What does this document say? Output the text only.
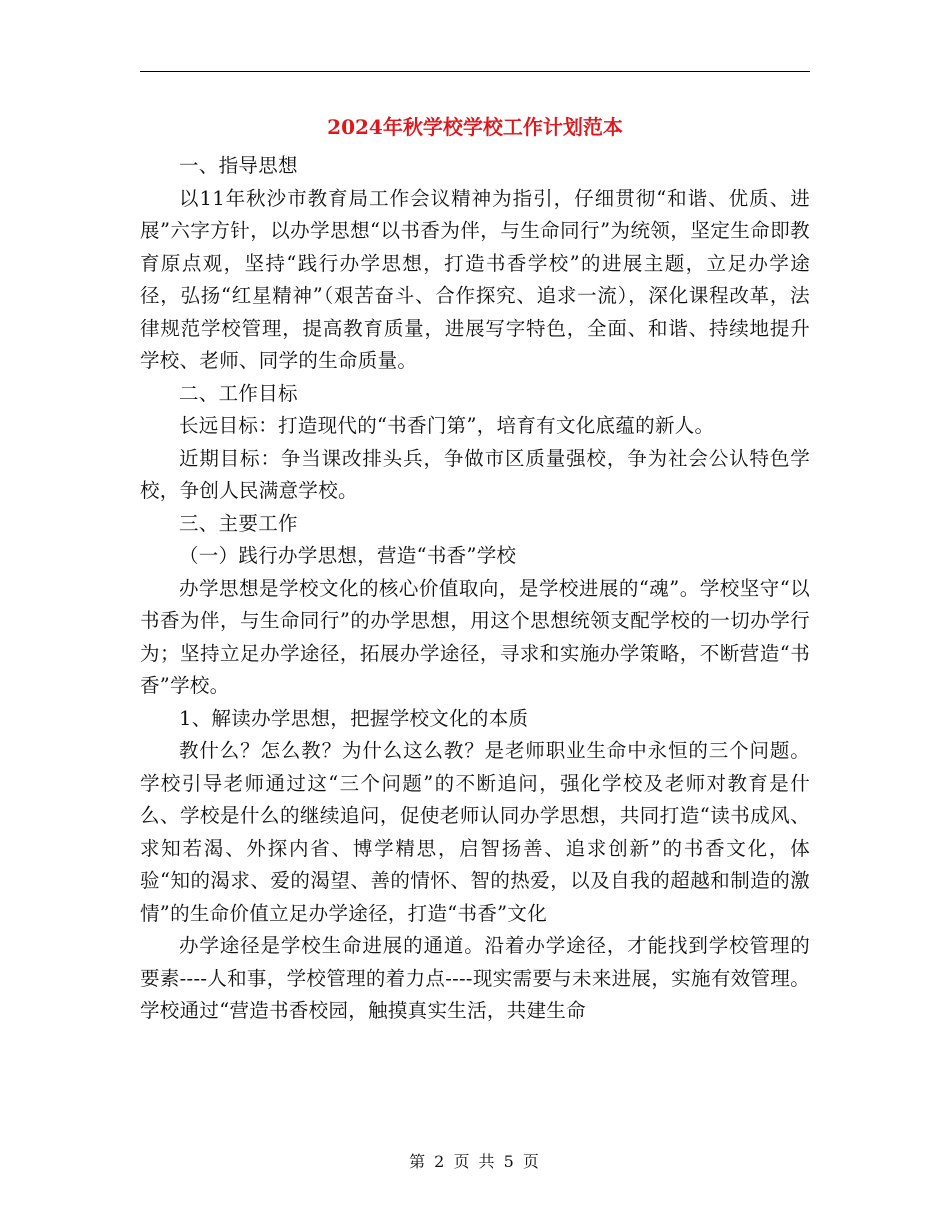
2024年秋学校学校工作计划范本

一、指导思想

以11年秋沙市教育局工作会议精神为指引，仔细贯彻“和谐、优质、进展”六字方针，以办学思想“以书香为伴，与生命同行”为统领，坚定生命即教育原点观，坚持“践行办学思想，打造书香学校”的进展主题，立足办学途径，弘扬“红星精神”（艰苦奋斗、合作探究、追求一流），深化课程改革，法律规范学校管理，提高教育质量，进展写字特色，全面、和谐、持续地提升学校、老师、同学的生命质量。

二、工作目标

长远目标：打造现代的“书香门第”，培育有文化底蕴的新人。

近期目标：争当课改排头兵，争做市区质量强校，争为社会公认特色学校，争创人民满意学校。

三、主要工作

（一）践行办学思想，营造“书香”学校

办学思想是学校文化的核心价值取向，是学校进展的“魂”。学校坚守“以书香为伴，与生命同行”的办学思想，用这个思想统领支配学校的一切办学行为；坚持立足办学途径，拓展办学途径，寻求和实施办学策略，不断营造“书香”学校。

1、解读办学思想，把握学校文化的本质

教什么？怎么教？为什么这么教？是老师职业生命中永恒的三个问题。学校引导老师通过这“三个问题”的不断追问，强化学校及老师对教育是什么、学校是什么的继续追问，促使老师认同办学思想，共同打造“读书成风、求知若渴、外探内省、博学精思，启智扬善、追求创新”的书香文化，体验“知的渴求、爱的渴望、善的情怀、智的热爱，以及自我的超越和制造的激情”的生命价值立足办学途径，打造“书香”文化

办学途径是学校生命进展的通道。沿着办学途径，才能找到学校管理的要素----人和事，学校管理的着力点----现实需要与未来进展，实施有效管理。学校通过“营造书香校园，触摸真实生活，共建生命

第 2 页 共 5 页
